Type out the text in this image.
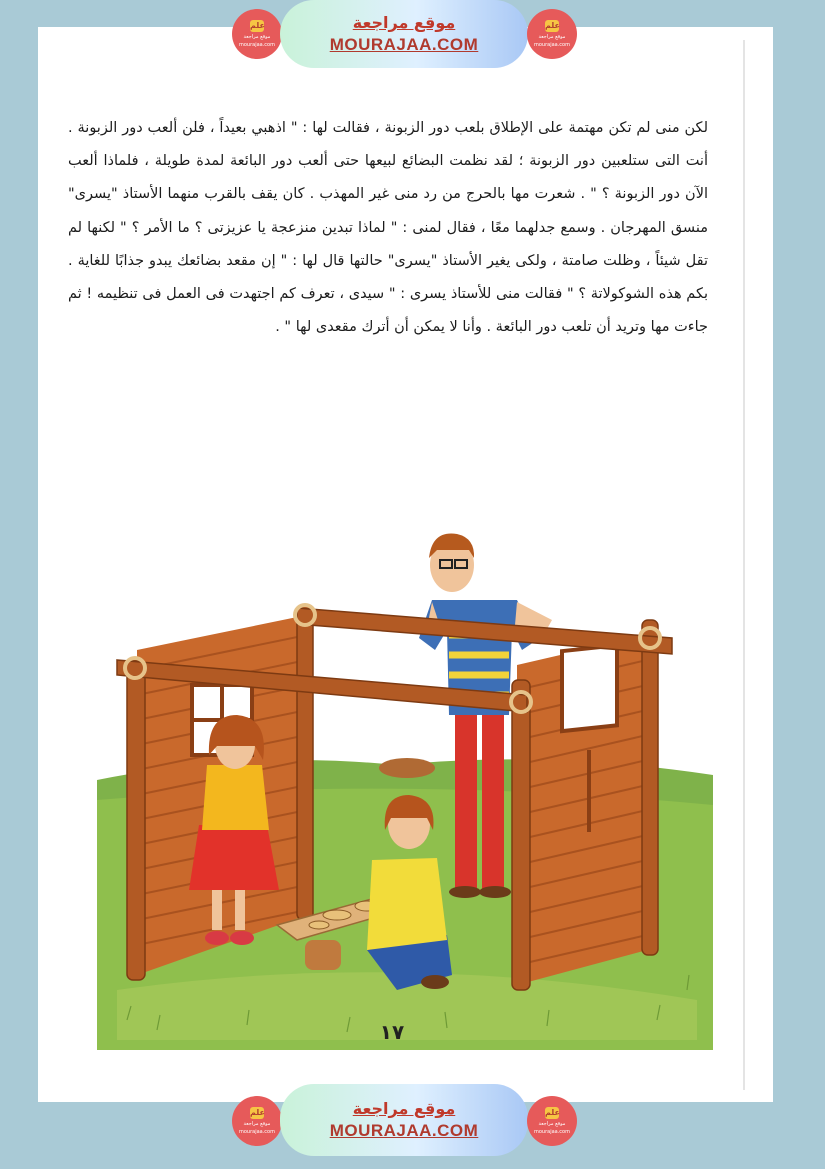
علم
موقع مراجعة
mourajaa.com
موقع مراجعة
MOURAJAA.COM
علم
موقع مراجعة
mourajaa.com

لكن منى لم تكن مهتمة على الإطلاق بلعب دور الزبونة ، فقالت لها : " اذهبي بعيداً ، فلن ألعب دور الزبونة . أنت التى ستلعبين دور الزبونة ؛ لقد نظمت البضائع لبيعها حتى ألعب دور البائعة لمدة طويلة ، فلماذا ألعب الآن دور الزبونة ؟ " . شعرت مها بالحرج من رد منى غير المهذب . كان يقف بالقرب منهما الأستاذ "يسرى" منسق المهرجان . وسمع جدلهما معًا ، فقال لمنى : " لماذا تبدين منزعجة يا عزيزتى ؟ ما الأمر ؟ " لكنها لم تقل شيئاً ، وظلت صامتة ، ولكى يغير الأستاذ "يسرى" حالتها قال لها : " إن مقعد بضائعك يبدو جذابًا للغاية . بكم هذه الشوكولاتة ؟ " فقالت منى للأستاذ يسرى : " سيدى ، تعرف كم اجتهدت فى العمل فى تنظيمه ! ثم جاءت مها وتريد أن تلعب دور البائعة . وأنا لا يمكن أن أترك مقعدى لها " .

١٧
علم
موقع مراجعة
mourajaa.com
موقع مراجعة
MOURAJAA.COM
علم
موقع مراجعة
mourajaa.com
